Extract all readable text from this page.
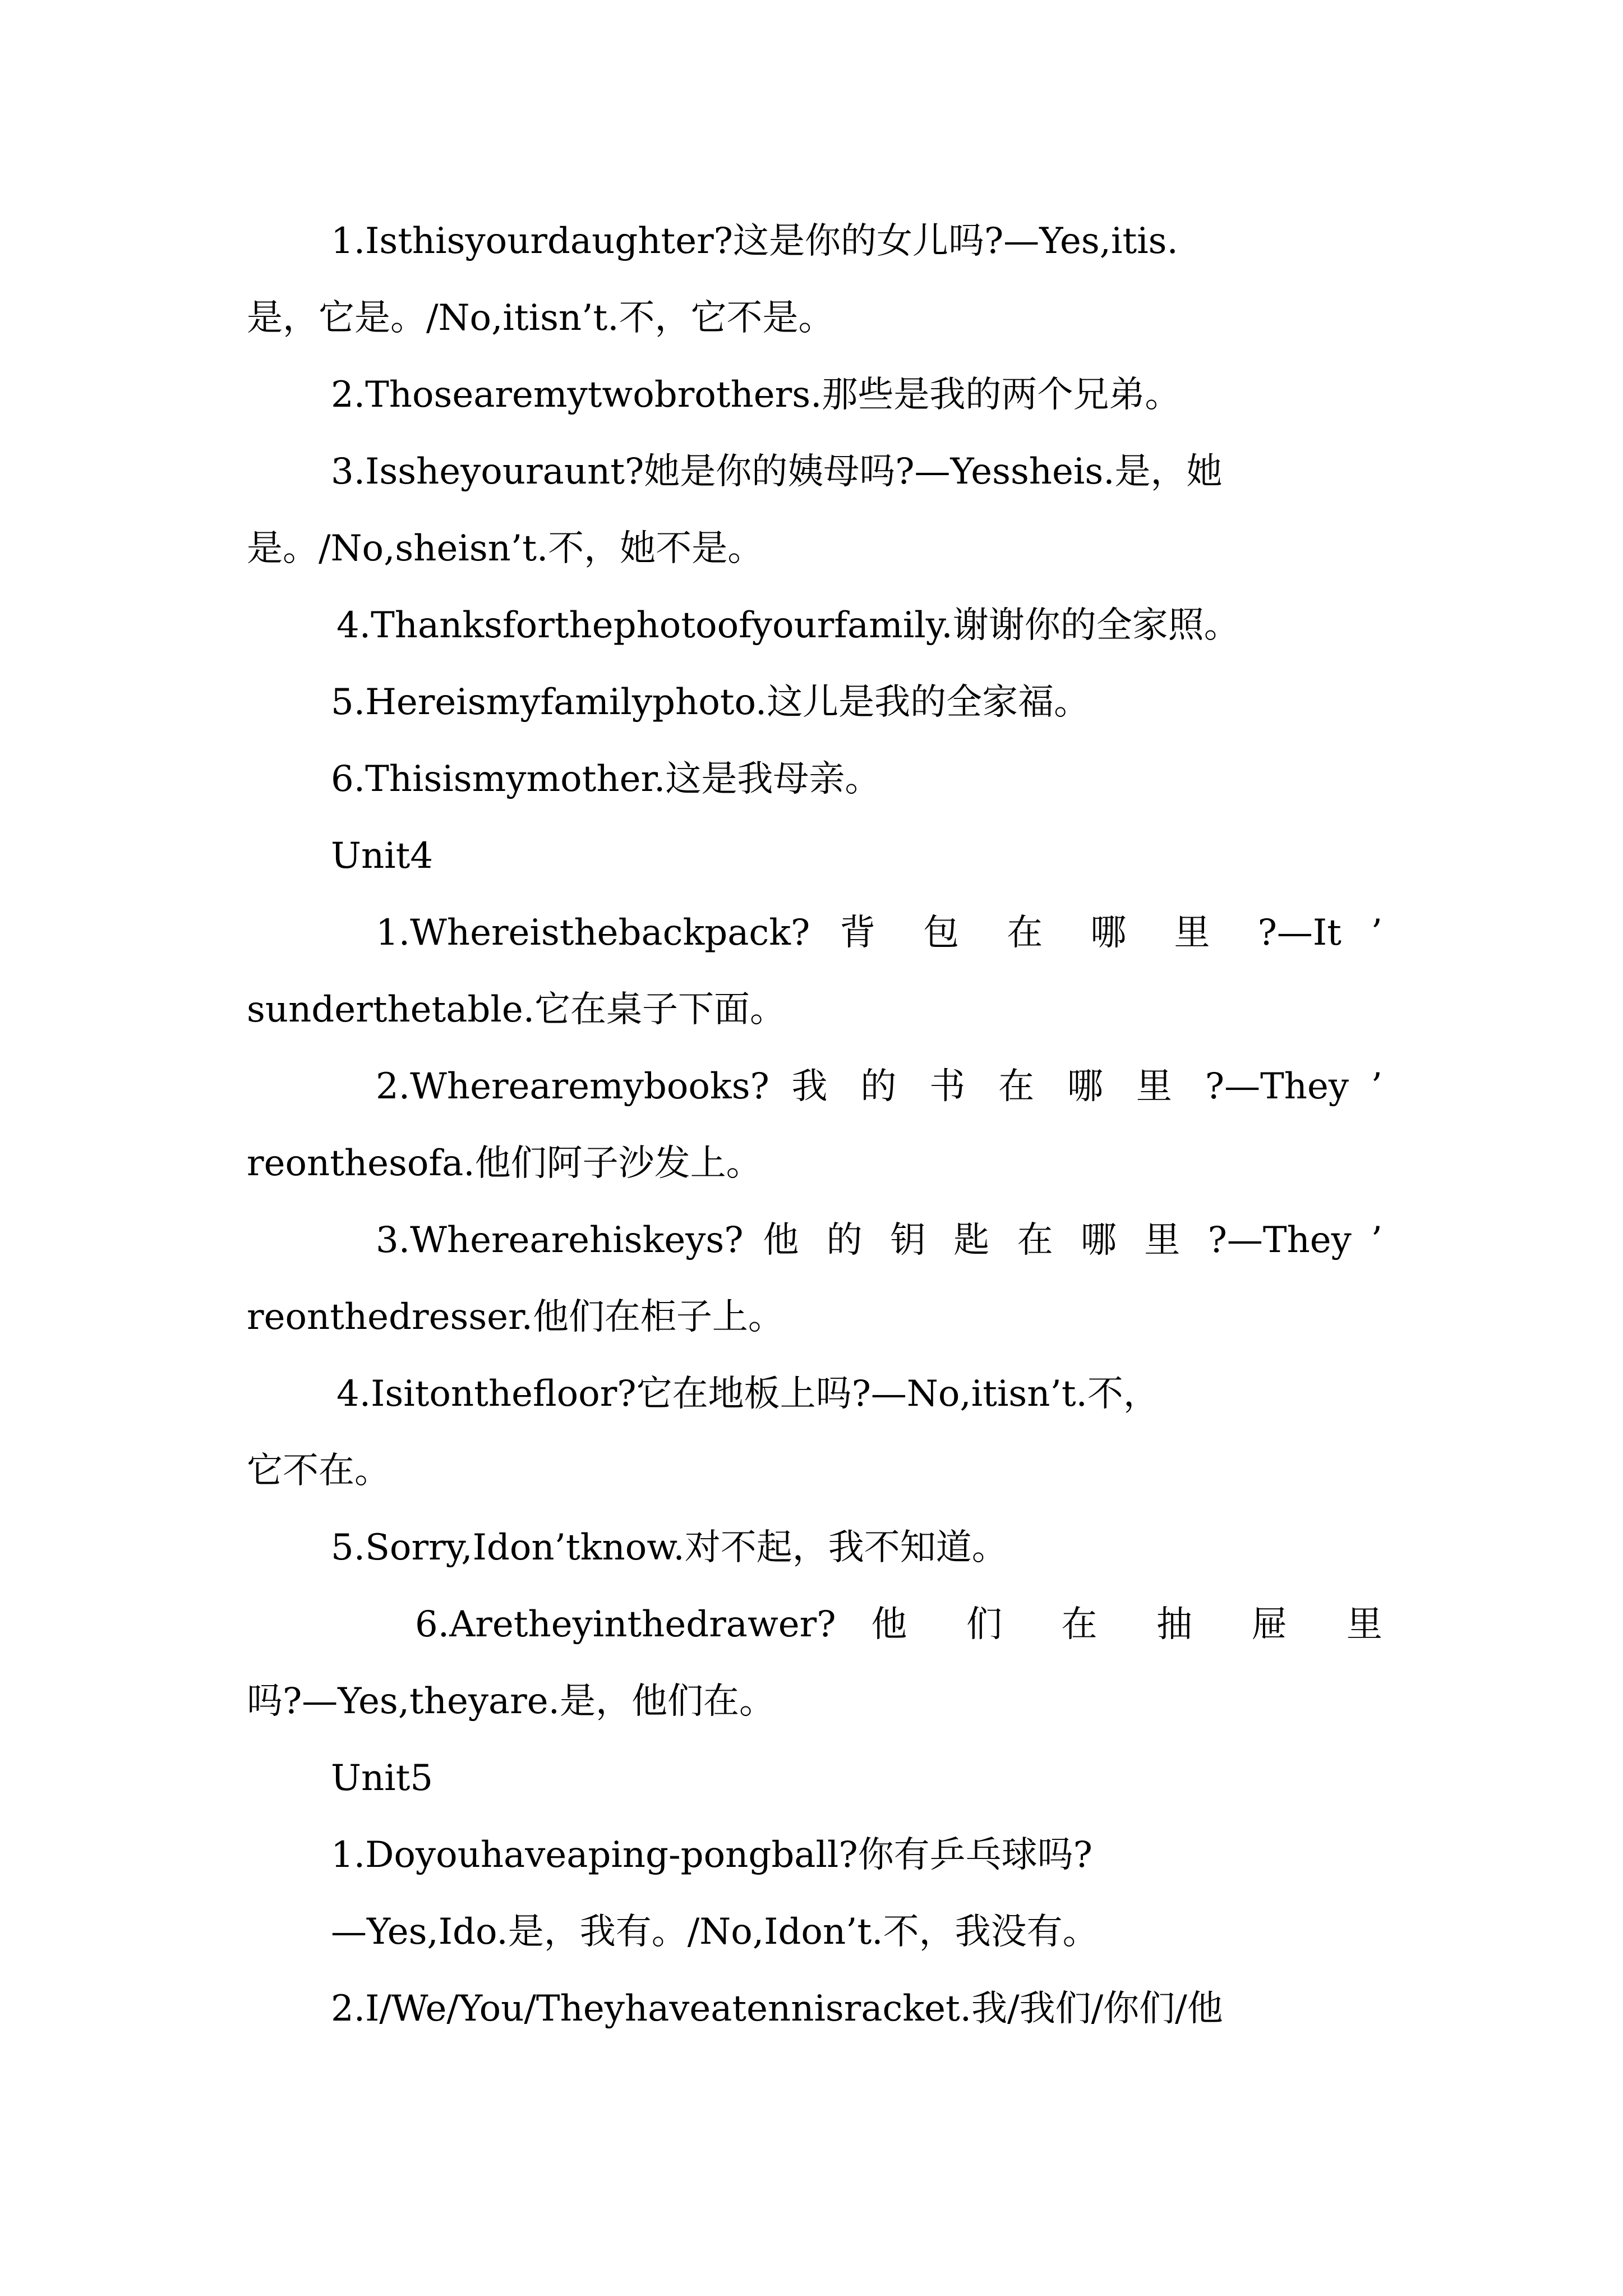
1.Isthisyourdaughter?这是你的女儿吗?—Yes,itis.
是，它是。/No,itisn’t.不，它不是。
2.Thosearemytwobrothers.那些是我的两个兄弟。
3.Issheyouraunt?她是你的姨母吗?—Yessheis.是，她
是。/No,sheisn’t.不，她不是。
4.Thanksforthephotoofyourfamily.谢谢你的全家照。
5.Hereismyfamilyphoto.这儿是我的全家福。
6.Thisismymother.这是我母亲。
Unit4
1.Whereisthebackpack? 背 包 在 哪 里 ?—It ’
sunderthetable.它在桌子下面。
2.Wherearemybooks? 我 的 书 在 哪 里 ?—They ’
reonthesofa.他们阿子沙发上。
3.Wherearehiskeys? 他 的 钥 匙 在 哪 里 ?—They ’
reonthedresser.他们在柜子上。
4.Isitonthefloor?它在地板上吗?—No,itisn’t.不，
它不在。
5.Sorry,Idon’tknow.对不起，我不知道。
6.Aretheyinthedrawer? 他 们 在 抽 屉 里
吗?—Yes,theyare.是，他们在。
Unit5
1.Doyouhaveaping-pongball?你有乒乓球吗?
—Yes,Ido.是，我有。/No,Idon’t.不，我没有。
2.I/We/You/Theyhaveatennisracket.我/我们/你们/他
